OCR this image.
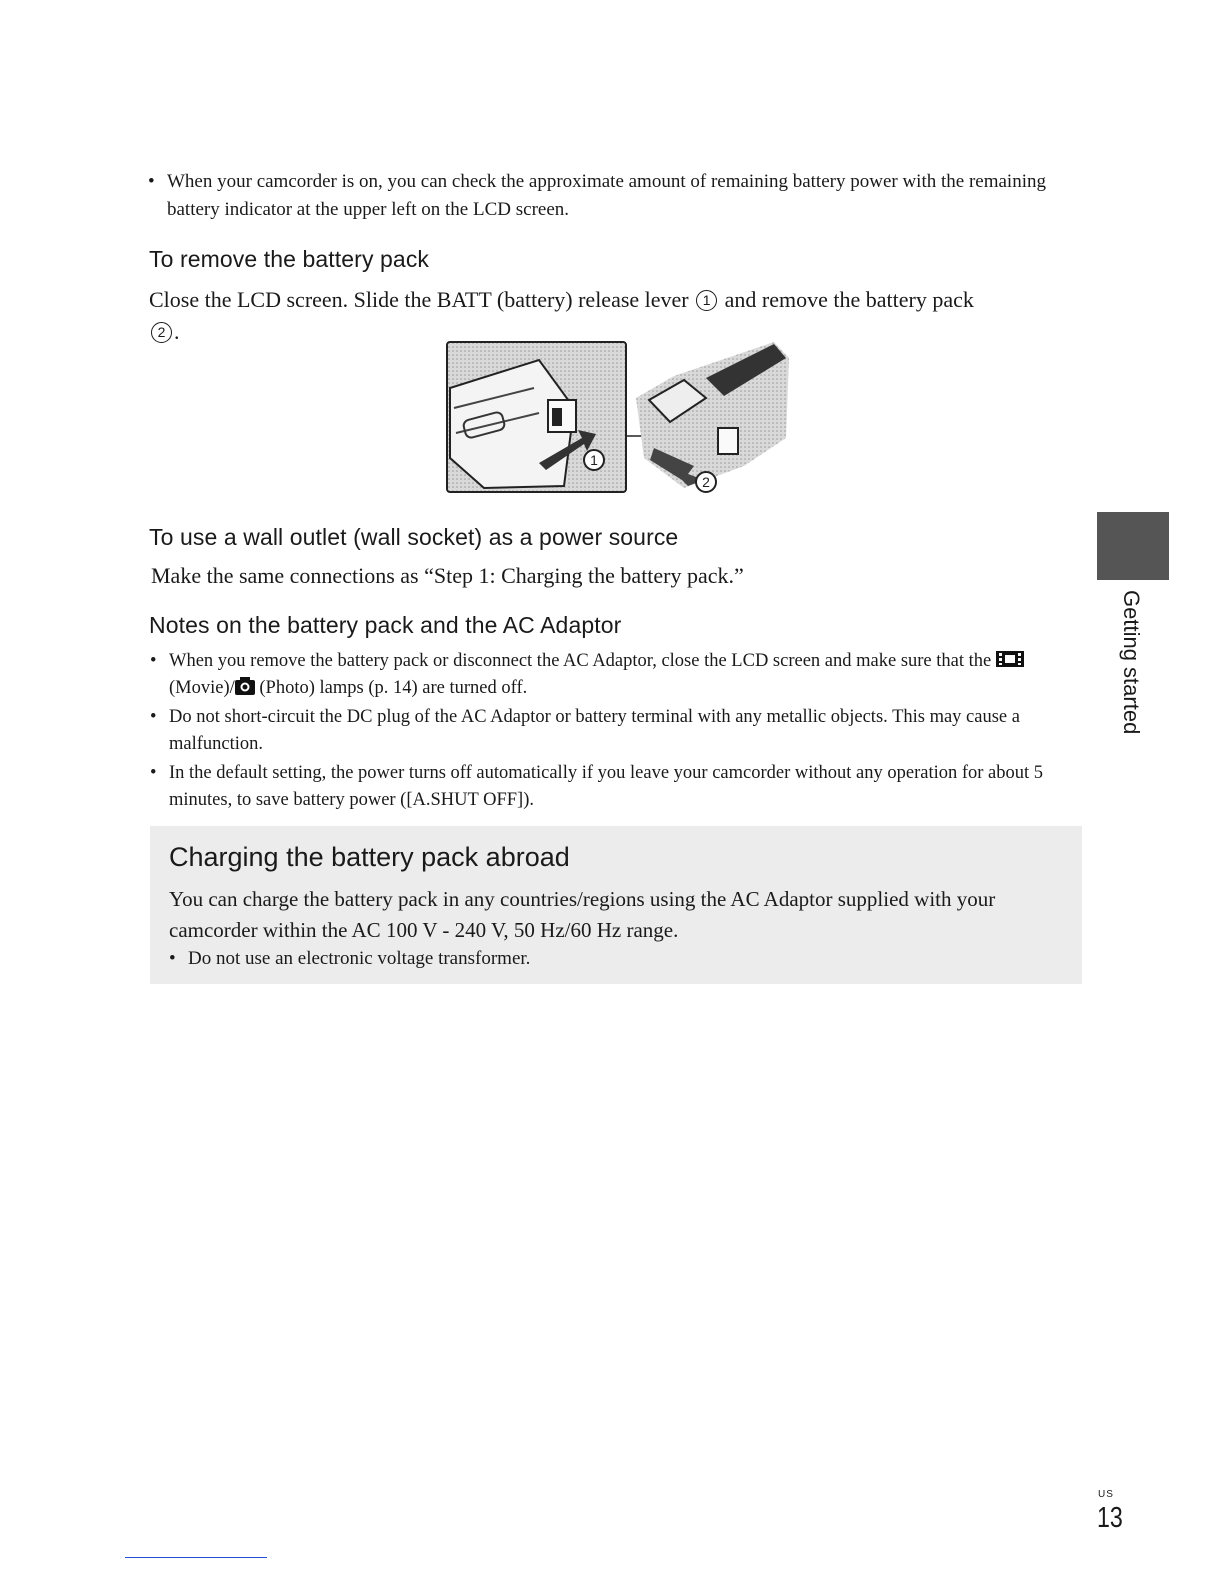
• When your camcorder is on, you can check the approximate amount of remaining battery power with the remaining battery indicator at the upper left on the LCD screen.
To remove the battery pack

Close the LCD screen. Slide the BATT (battery) release lever 1 and remove the battery pack
2 .

1
2
To use a wall outlet (wall socket) as a power source

Make the same connections as “Step 1: Charging the battery pack.”

Notes on the battery pack and the AC Adaptor
• When you remove the battery pack or disconnect the AC Adaptor, close the LCD screen and make sure that the (Movie)/ (Photo) lamps (p. 14) are turned off.
• Do not short-circuit the DC plug of the AC Adaptor or battery terminal with any metallic objects. This may cause a malfunction.
• In the default setting, the power turns off automatically if you leave your camcorder without any operation for about 5 minutes, to save battery power ([A.SHUT OFF]).
Charging the battery pack abroad

You can charge the battery pack in any countries/regions using the AC Adaptor supplied with your camcorder within the AC 100 V - 240 V, 50 Hz/60 Hz range.

• Do not use an electronic voltage transformer.
Getting started
US
13
